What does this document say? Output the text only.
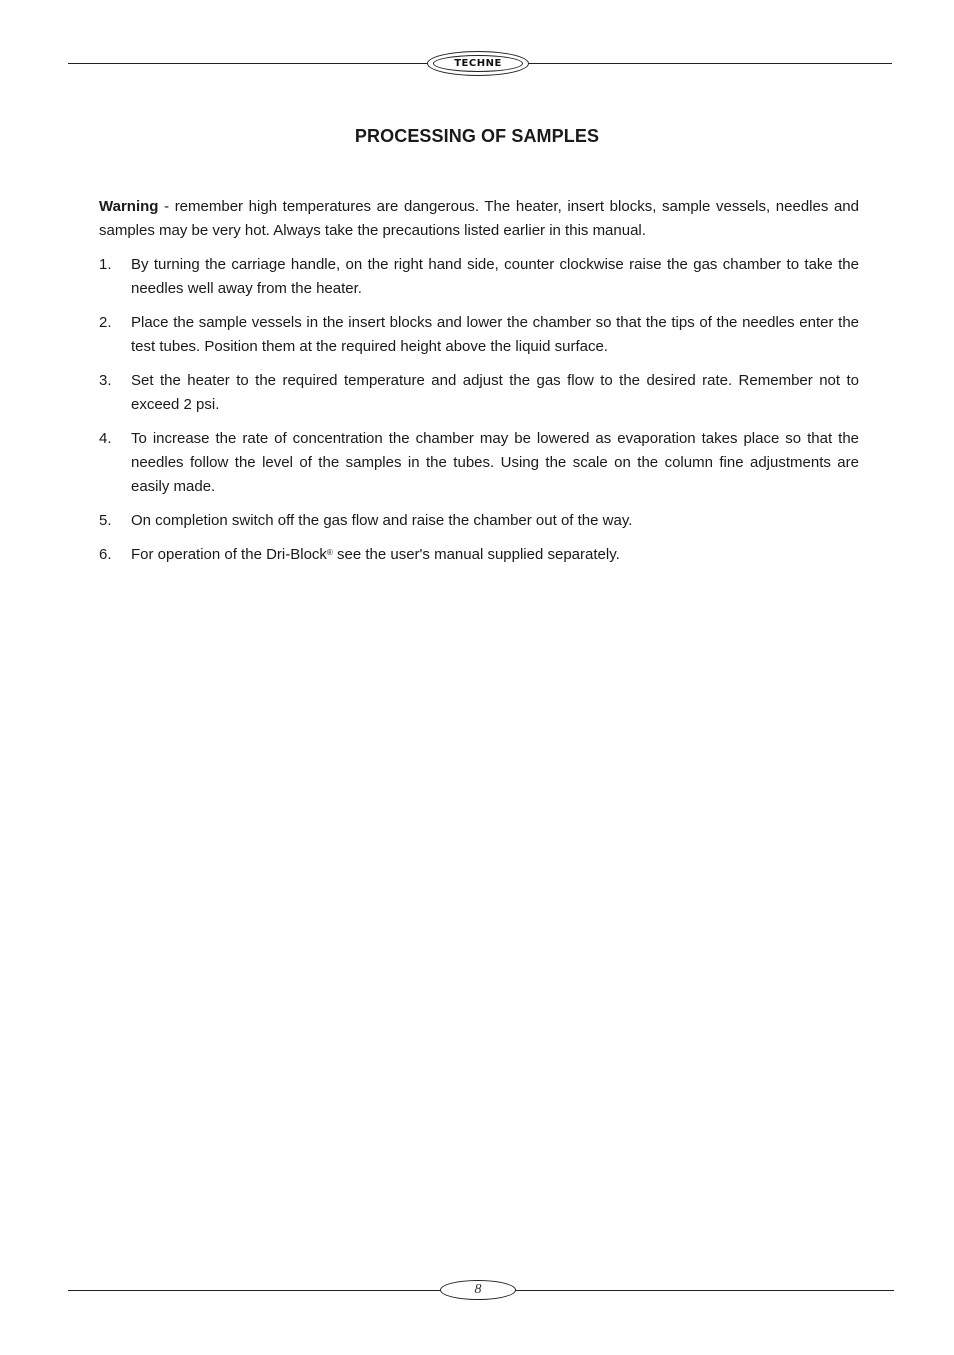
TECHNE
PROCESSING OF SAMPLES

Warning - remember high temperatures are dangerous. The heater, insert blocks, sample vessels, needles and samples may be very hot. Always take the precautions listed earlier in this manual.

1.	By turning the carriage handle, on the right hand side, counter clockwise raise the gas chamber to take the needles well away from the heater.
2.	Place the sample vessels in the insert blocks and lower the chamber so that the tips of the needles enter the test tubes. Position them at the required height above the liquid surface.
3.	Set the heater to the required temperature and adjust the gas flow to the desired rate. Remember not to exceed 2 psi.
4.	To increase the rate of concentration the chamber may be lowered as evaporation takes place so that the needles follow the level of the samples in the tubes. Using the scale on the column fine adjustments are easily made.
5.	On completion switch off the gas flow and raise the chamber out of the way.
6.	For operation of the Dri-Block® see the user's manual supplied separately.
8
